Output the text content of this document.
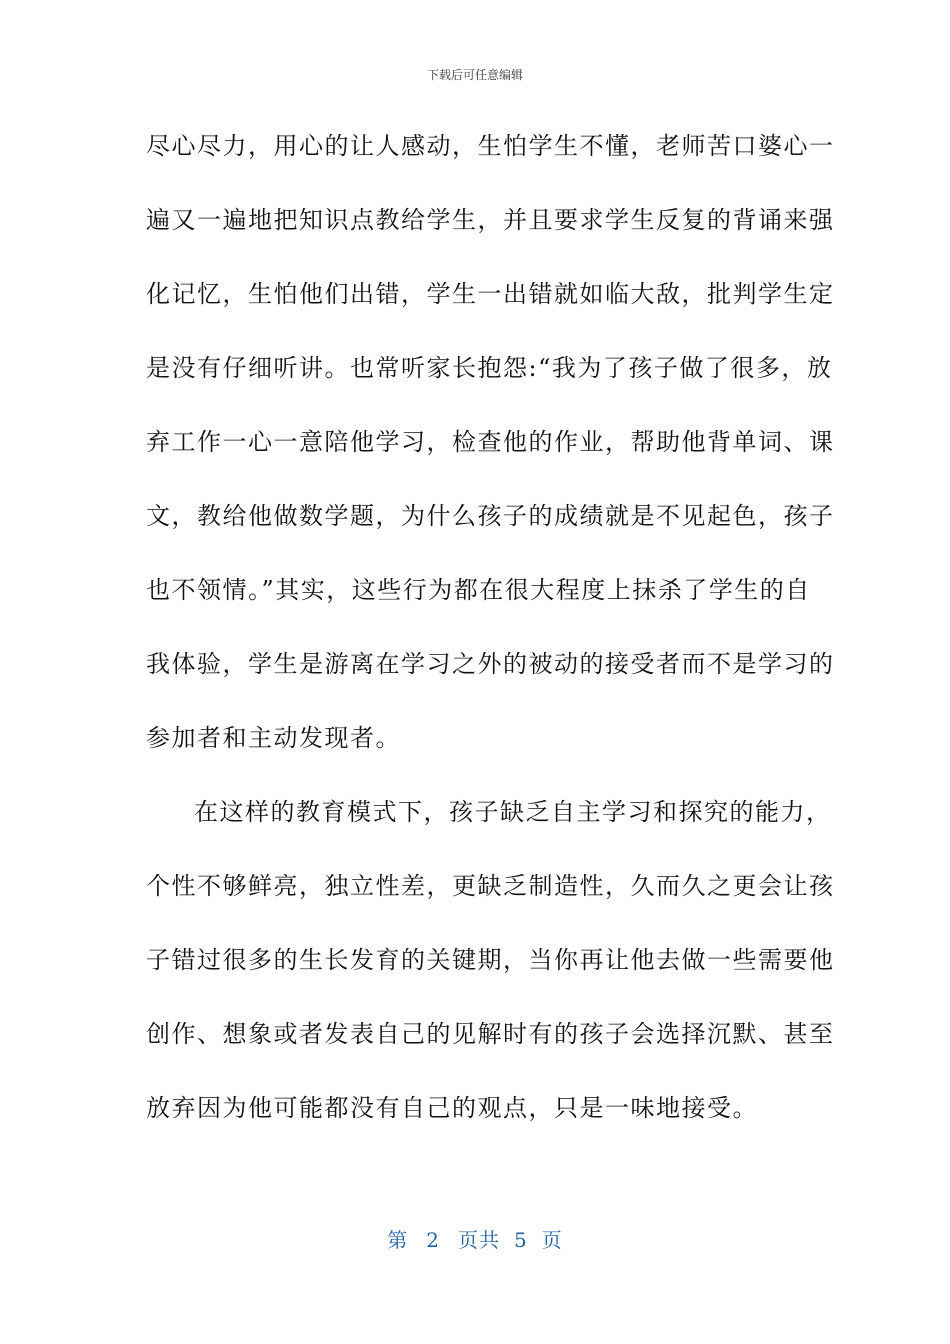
下载后可任意编辑
尽心尽力，用心的让人感动，生怕学生不懂，老师苦口婆心一
遍又一遍地把知识点教给学生，并且要求学生反复的背诵来强
化记忆，生怕他们出错，学生一出错就如临大敌，批判学生定
是没有仔细听讲。也常听家长抱怨:“我为了孩子做了很多，放
弃工作一心一意陪他学习，检查他的作业，帮助他背单词、课
文，教给他做数学题，为什么孩子的成绩就是不见起色，孩子
也不领情。”其实，这些行为都在很大程度上抹杀了学生的自
我体验，学生是游离在学习之外的被动的接受者而不是学习的
参加者和主动发现者。
在这样的教育模式下，孩子缺乏自主学习和探究的能力，
个性不够鲜亮，独立性差，更缺乏制造性，久而久之更会让孩
子错过很多的生长发育的关键期，当你再让他去做一些需要他
创作、想象或者发表自己的见解时有的孩子会选择沉默、甚至
放弃因为他可能都没有自己的观点，只是一味地接受。
第 2 页共 5 页
